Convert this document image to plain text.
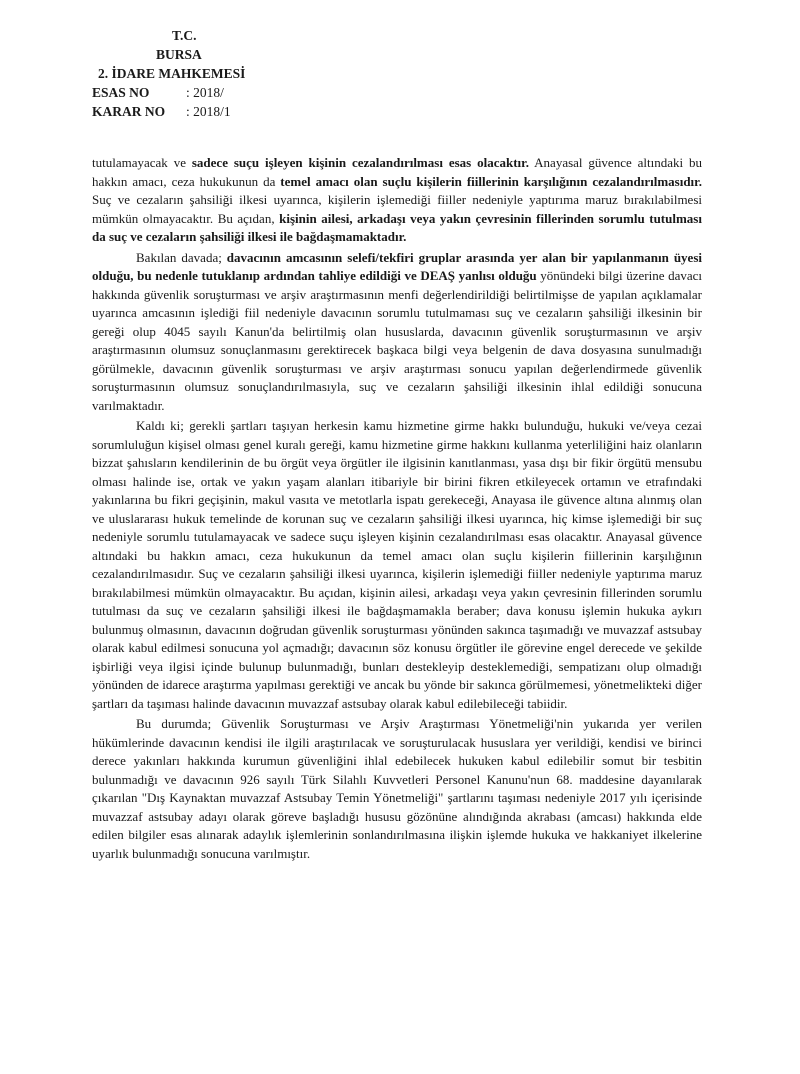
T.C.
BURSA
2. İDARE MAHKEMESİ
ESAS NO	: 2018/
KARAR NO : 2018/1

tutulamayacak ve sadece suçu işleyen kişinin cezalandırılması esas olacaktır. Anayasal güvence altındaki bu hakkın amacı, ceza hukukunun da temel amacı olan suçlu kişilerin fiillerinin karşılığının cezalandırılmasıdır. Suç ve cezaların şahsiliği ilkesi uyarınca, kişilerin işlemediği fiiller nedeniyle yaptırıma maruz bırakılabilmesi mümkün olmayacaktır. Bu açıdan, kişinin ailesi, arkadaşı veya yakın çevresinin fillerinden sorumlu tutulması da suç ve cezaların şahsiliği ilkesi ile bağdaşmamaktadır.

Bakılan davada; davacının amcasının selefi/tekfiri gruplar arasında yer alan bir yapılanmanın üyesi olduğu, bu nedenle tutuklanıp ardından tahliye edildiği ve DEAŞ yanlısı olduğu yönündeki bilgi üzerine davacı hakkında güvenlik soruşturması ve arşiv araştırmasının menfi değerlendirildiği belirtilmişse de yapılan açıklamalar uyarınca amcasının işlediği fiil nedeniyle davacının sorumlu tutulmaması suç ve cezaların şahsiliği ilkesinin bir gereği olup 4045 sayılı Kanun'da belirtilmiş olan hususlarda, davacının güvenlik soruşturmasının ve arşiv araştırmasının olumsuz sonuçlanmasını gerektirecek başkaca bilgi veya belgenin de dava dosyasına sunulmadığı görülmekle, davacının güvenlik soruşturması ve arşiv araştırması sonucu yapılan değerlendirmede güvenlik soruşturmasının olumsuz sonuçlandırılmasıyla, suç ve cezaların şahsiliği ilkesinin ihlal edildiği sonucuna varılmaktadır.

Kaldı ki; gerekli şartları taşıyan herkesin kamu hizmetine girme hakkı bulunduğu, hukuki ve/veya cezai sorumluluğun kişisel olması genel kuralı gereği, kamu hizmetine girme hakkını kullanma yeterliliğini haiz olanların bizzat şahısların kendilerinin de bu örgüt veya örgütler ile ilgisinin kanıtlanması, yasa dışı bir fikir örgütü mensubu olması halinde ise, ortak ve yakın yaşam alanları itibariyle bir birini fikren etkileyecek ortamın ve etrafındaki yakınlarına bu fikri geçişinin, makul vasıta ve metotlarla ispatı gerekeceği, Anayasa ile güvence altına alınmış olan ve uluslararası hukuk temelinde de korunan suç ve cezaların şahsiliği ilkesi uyarınca, hiç kimse işlemediği bir suç nedeniyle sorumlu tutulamayacak ve sadece suçu işleyen kişinin cezalandırılması esas olacaktır. Anayasal güvence altındaki bu hakkın amacı, ceza hukukunun da temel amacı olan suçlu kişilerin fiillerinin karşılığının cezalandırılmasıdır. Suç ve cezaların şahsiliği ilkesi uyarınca, kişilerin işlemediği fiiller nedeniyle yaptırıma maruz bırakılabilmesi mümkün olmayacaktır. Bu açıdan, kişinin ailesi, arkadaşı veya yakın çevresinin fillerinden sorumlu tutulması da suç ve cezaların şahsiliği ilkesi ile bağdaşmamakla beraber; dava konusu işlemin hukuka aykırı bulunmuş olmasının, davacının doğrudan güvenlik soruşturması yönünden sakınca taşımadığı ve muvazzaf astsubay olarak kabul edilmesi sonucuna yol açmadığı; davacının söz konusu örgütler ile görevine engel derecede ve şekilde işbirliği veya ilgisi içinde bulunup bulunmadığı, bunları destekleyip desteklemediği, sempatizanı olup olmadığı yönünden de idarece araştırma yapılması gerektiği ve ancak bu yönde bir sakınca görülmemesi, yönetmelikteki diğer şartları da taşıması halinde davacının muvazzaf astsubay olarak kabul edilebileceği tabiidir.

Bu durumda; Güvenlik Soruşturması ve Arşiv Araştırması Yönetmeliği'nin yukarıda yer verilen hükümlerinde davacının kendisi ile ilgili araştırılacak ve soruşturulacak hususlara yer verildiği, kendisi ve birinci derece yakınları hakkında kurumun güvenliğini ihlal edebilecek hukuken kabul edilebilir somut bir tesbitin bulunmadığı ve davacının 926 sayılı Türk Silahlı Kuvvetleri Personel Kanunu'nun 68. maddesine dayanılarak çıkarılan "Dış Kaynaktan muvazzaf Astsubay Temin Yönetmeliği" şartlarını taşıması nedeniyle 2017 yılı içerisinde muvazzaf astsubay adayı olarak göreve başladığı hususu gözönüne alındığında akrabası (amcası) hakkında elde edilen bilgiler esas alınarak adaylık işlemlerinin sonlandırılmasına ilişkin işlemde hukuka ve hakkaniyet ilkelerine uyarlık bulunmadığı sonucuna varılmıştır.
